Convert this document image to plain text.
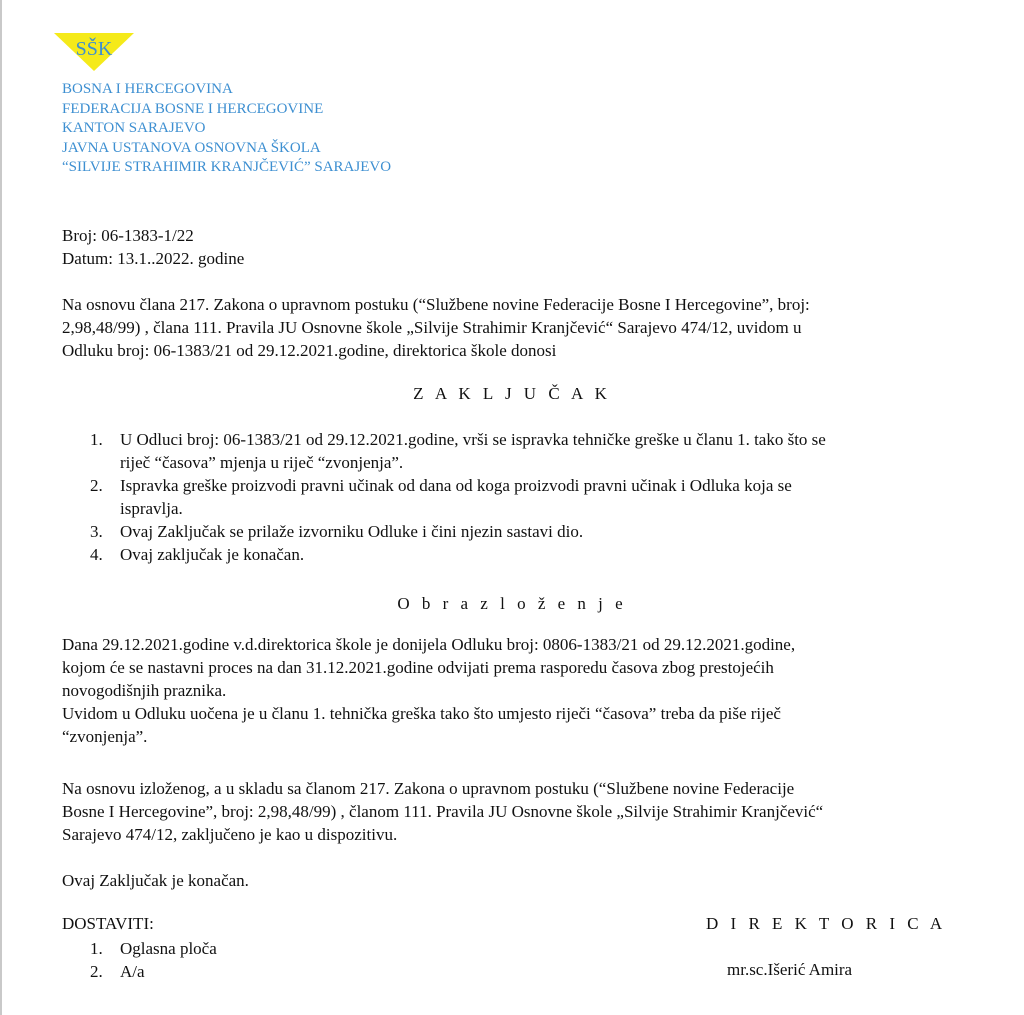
SŠK
BOSNA I HERCEGOVINA
FEDERACIJA BOSNE I HERCEGOVINE
KANTON SARAJEVO
JAVNA USTANOVA OSNOVNA ŠKOLA
“SILVIJE STRAHIMIR KRANJČEVIĆ” SARAJEVO
Broj: 06-1383-1/22
Datum: 13.1..2022. godine
Na osnovu člana 217. Zakona o upravnom postuku (“Službene novine Federacije Bosne I Hercegovine”, broj:
2,98,48/99) , člana 111. Pravila JU Osnovne škole „Silvije Strahimir Kranjčević“ Sarajevo 474/12, uvidom u
Odluku broj: 06-1383/21 od 29.12.2021.godine, direktorica škole donosi
Z A K L J U Č A K
1. U Odluci broj: 06-1383/21 od 29.12.2021.godine, vrši se ispravka tehničke greške u članu 1. tako što se
riječ “časova” mjenja u riječ “zvonjenja”.
2. Ispravka greške proizvodi pravni učinak od dana od koga proizvodi pravni učinak i Odluka koja se
ispravlja.
3. Ovaj Zaključak se prilaže izvorniku Odluke i čini njezin sastavi dio.
4. Ovaj zaključak je konačan.
O b r a z l o ž e n j e
Dana 29.12.2021.godine v.d.direktorica škole je donijela Odluku broj: 0806-1383/21 od 29.12.2021.godine,
kojom će se nastavni proces na dan 31.12.2021.godine odvijati prema rasporedu časova zbog prestojećih
novogodišnjih praznika.
Uvidom u Odluku uočena je u članu 1. tehnička greška tako što umjesto riječi “časova” treba da piše riječ
“zvonjenja”.
Na osnovu izloženog, a u skladu sa članom 217. Zakona o upravnom postuku (“Službene novine Federacije
Bosne I Hercegovine”, broj: 2,98,48/99) , članom 111. Pravila JU Osnovne škole „Silvije Strahimir Kranjčević“
Sarajevo 474/12, zaključeno je kao u dispozitivu.
Ovaj Zaključak je konačan.
DOSTAVITI:
1. Oglasna ploča
2. A/a
D I R E K T O R I C A
mr.sc.Išerić Amira
